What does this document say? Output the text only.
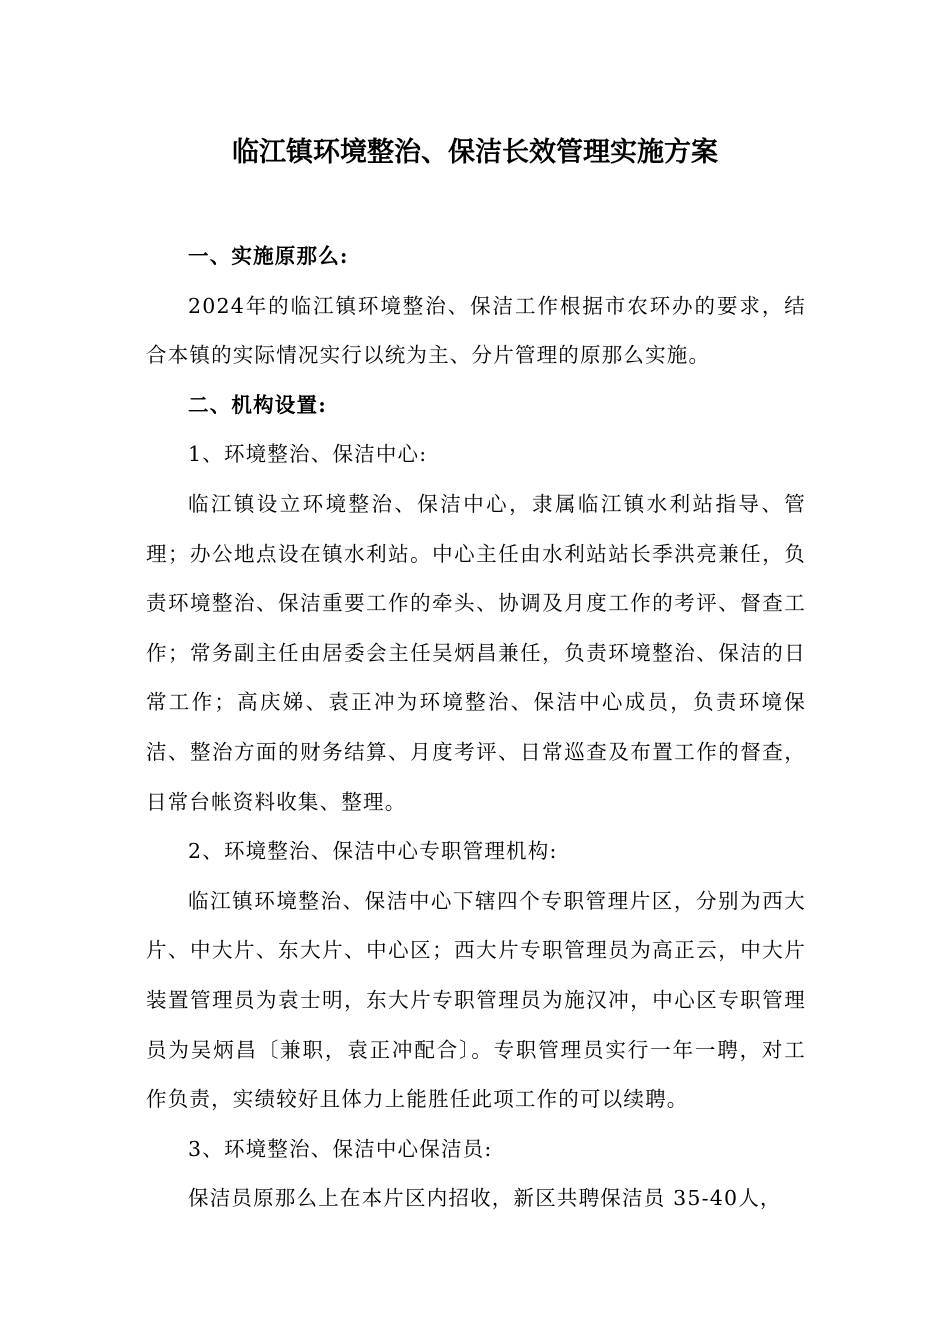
临江镇环境整治、保洁长效管理实施方案

一、实施原那么:

2024年的临江镇环境整治、保洁工作根据市农环办的要求，结合本镇的实际情况实行以统为主、分片管理的原那么实施。

二、机构设置:

1、环境整治、保洁中心:

临江镇设立环境整治、保洁中心，隶属临江镇水利站指导、管理；办公地点设在镇水利站。中心主任由水利站站长季洪亮兼任，负责环境整治、保洁重要工作的牵头、协调及月度工作的考评、督查工作；常务副主任由居委会主任吴炳昌兼任，负责环境整治、保洁的日常工作；高庆娣、袁正冲为环境整治、保洁中心成员，负责环境保洁、整治方面的财务结算、月度考评、日常巡查及布置工作的督查，日常台帐资料收集、整理。

2、环境整治、保洁中心专职管理机构:

临江镇环境整治、保洁中心下辖四个专职管理片区，分别为西大片、中大片、东大片、中心区；西大片专职管理员为高正云，中大片装置管理员为袁士明，东大片专职管理员为施汉冲，中心区专职管理员为吴炳昌〔兼职，袁正冲配合〕。专职管理员实行一年一聘，对工作负责，实绩较好且体力上能胜任此项工作的可以续聘。

3、环境整治、保洁中心保洁员:

保洁员原那么上在本片区内招收，新区共聘保洁员 35-40人，
